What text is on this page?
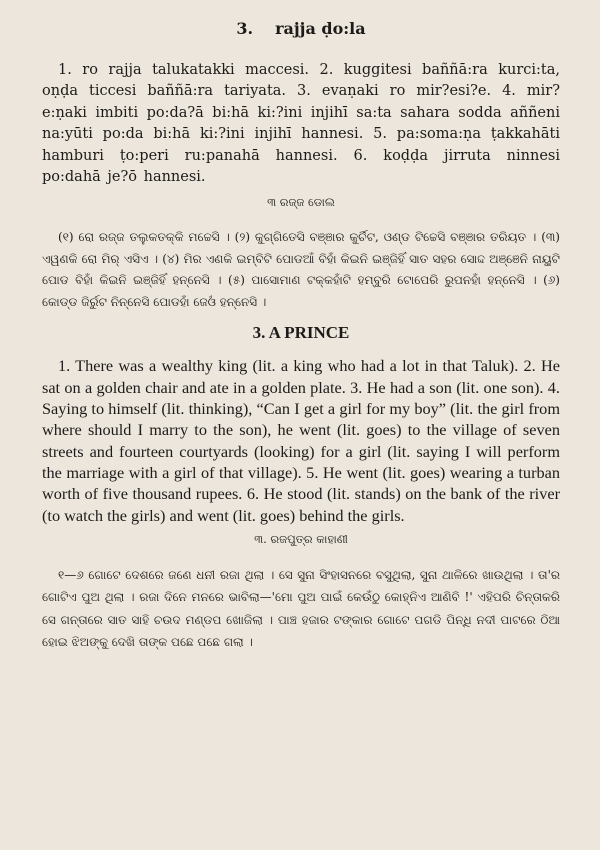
3. rajja ḍo:la

1. ro rajja talukatakki maccesi. 2. kuggitesi baññā:ra kurci:ta, oṇḍa ticcesi baññā:ra tariyata. 3. evaṇaki ro mir?esi?e. 4. mir?e:ṇaki imbiti po:da?ā bi:hā ki:?ini injihī sa:ta sahara sodda aññeni na:yūti po:da bi:hā ki:?ini injihī hannesi. 5. pa:soma:ṇa ṭakkahāti hamburi ṭo:peri ru:panahā hannesi. 6. koḍḍa jirruta ninnesi po:dahā je?ō hannesi.

୩ ରଜ୍ଜ ଡୋଲ

(୧) ରୋ ରଜ୍ଜ ତଲୁକତକ୍କି ମଚ୍ଚେସି । (୨) କୁଗ୍ଗିତେସି ବଞ୍ଞାର କୁର୍ଚିଟ, ଓଣ୍ଡ ଟିଚ୍ଚେସି ବଞ୍ଞାର ତରିୟତ । (୩) ଏୱଣକି ରୋ ମିର୍ ଏସିଏ । (୪) ମିର ଏଣକି ଇମ୍ବିଟି ପୋଡଆଁ ବିହାଁ କିଇନି ଇଞ୍ଜିହିଁ ସାତ ସହର ସୋଦ୍ଦ ଅଞ୍ଞେନି ନାୟୁଟି ପୋଡ ବିହାଁ କିଇନି ଇଞ୍ଜିହିଁ ହନ୍ନେସି । (୫) ପାସୋମାଣ ଟକ୍କହାଁଟି ହମ୍ବୁରି ଟୋପେରି ରୁପନହାଁ ହନ୍ନେସି । (୬) କୋଡ୍ଡ ଜିର୍ରୁଟ ନିନ୍ନେସି ପୋଡହାଁ ଜେଓଁ ହନ୍ନେସି ।

3. A PRINCE

1. There was a wealthy king (lit. a king who had a lot in that Taluk). 2. He sat on a golden chair and ate in a golden plate. 3. He had a son (lit. one son). 4. Saying to himself (lit. thinking), “Can I get a girl for my boy” (lit. the girl from where should I marry to the son), he went (lit. goes) to the village of seven streets and fourteen courtyards (looking) for a girl (lit. saying I will perform the marriage with a girl of that village). 5. He went (lit. goes) wearing a turban worth of five thousand rupees. 6. He stood (lit. stands) on the bank of the river (to watch the girls) and went (lit. goes) behind the girls.

୩. ରଜପୁତ୍ର କାହାଣୀ

୧—୬ ଗୋଟେ ଦେଶରେ ଜଣେ ଧନୀ ରଜା ଥିଲା । ସେ ସୁନା ସିଂହାସନରେ ବସୁଥିଲା, ସୁନା ଥାଳିରେ ଖାଉଥିଲା । ତା'ର ଗୋଟିଏ ପୁଅ ଥିଲା । ରଜା ଦିନେ ମନରେ ଭାବିଲା—'ମୋ ପୁଅ ପାଇଁ କେଉଁଠୁ କୋହ୍ନିଏ ଆଣିବି !' ଏହିପରି ଚିନ୍ତାକରି ସେ ଗନ୍ତାରେ ସାତ ସାହି ଚଉଦ ମଣ୍ଡପ ଖୋଜିଲା । ପାଞ୍ଚ ହଜାର ଟଙ୍କାର ଗୋଟେ ପଗଡି ପିନ୍ଧି ନଦୀ ପାଟରେ ଠିଆ ହୋଇ ଝିଅଙ୍କୁ ଦେଖି ତାଙ୍କ ପଛେ ପଛେ ଗଲା ।
